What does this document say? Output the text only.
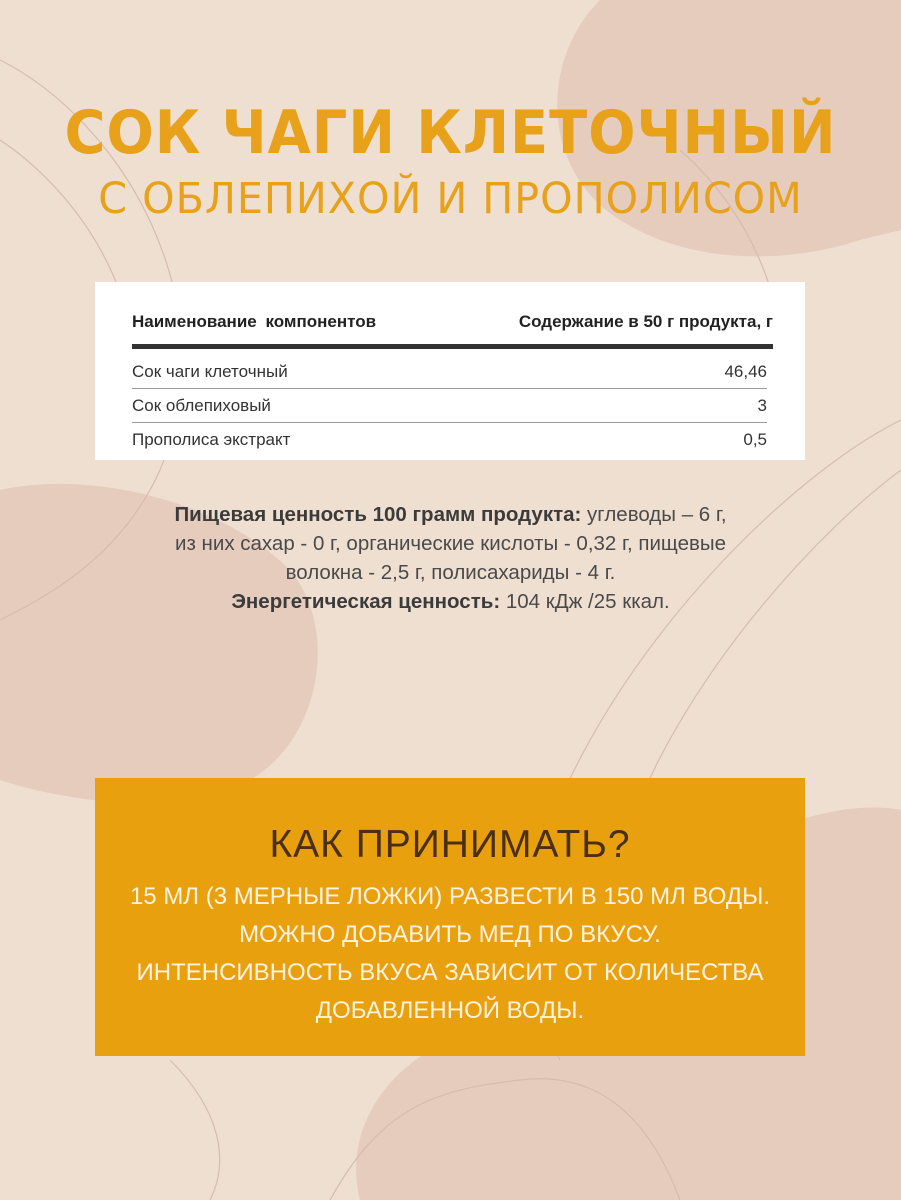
СОК ЧАГИ КЛЕТОЧНЫЙ
С ОБЛЕПИХОЙ И ПРОПОЛИСОМ
Наименование компонентов	Содержание в 50 г продукта, г
Сок чаги клеточный	46,46
Сок облепиховый	3
Прополиса экстракт	0,5
Пищевая ценность 100 грамм продукта: углеводы – 6 г,
из них сахар - 0 г, органические кислоты - 0,32 г, пищевые
волокна - 2,5 г, полисахариды - 4 г.
Энергетическая ценность: 104 кДж /25 ккал.
КАК ПРИНИМАТЬ?
15 МЛ (3 МЕРНЫЕ ЛОЖКИ) РАЗВЕСТИ В 150 МЛ ВОДЫ.
МОЖНО ДОБАВИТЬ МЕД ПО ВКУСУ.
ИНТЕНСИВНОСТЬ ВКУСА ЗАВИСИТ ОТ КОЛИЧЕСТВА
ДОБАВЛЕННОЙ ВОДЫ.
